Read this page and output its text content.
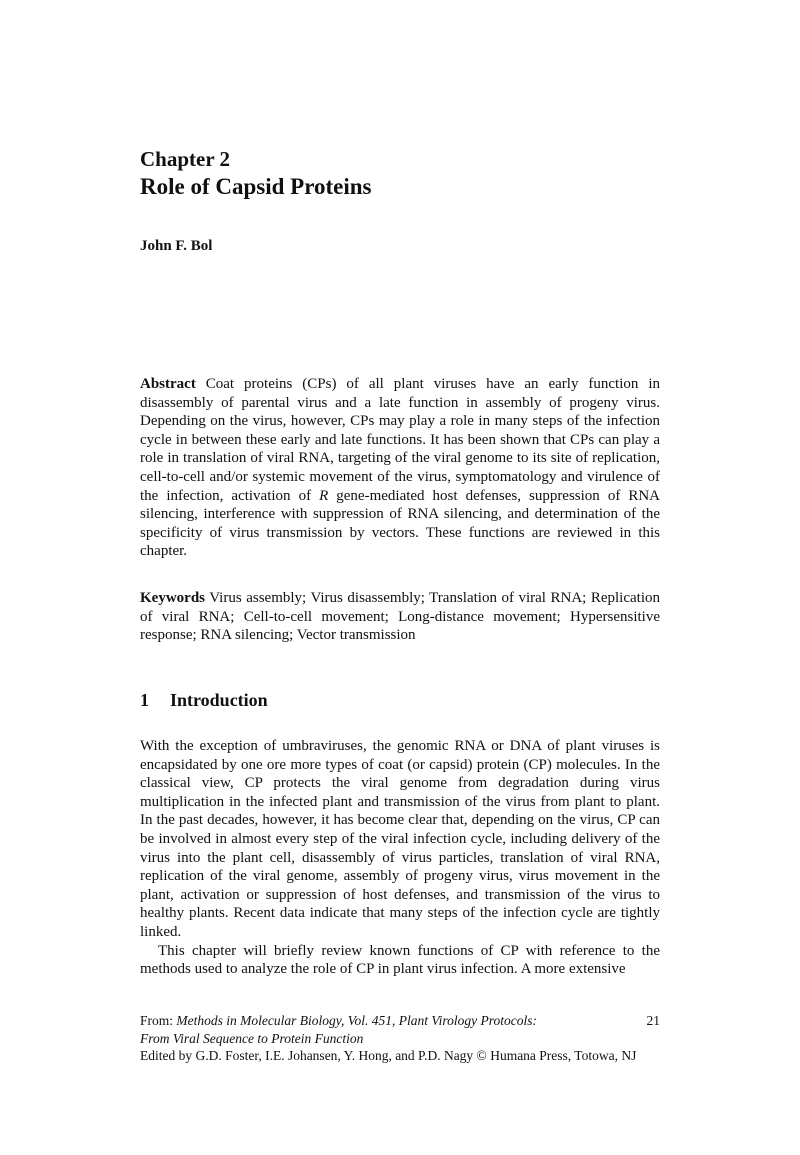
Chapter 2
Role of Capsid Proteins
John F. Bol

Abstract Coat proteins (CPs) of all plant viruses have an early function in disassembly of parental virus and a late function in assembly of progeny virus. Depending on the virus, however, CPs may play a role in many steps of the infection cycle in between these early and late functions. It has been shown that CPs can play a role in translation of viral RNA, targeting of the viral genome to its site of replication, cell-to-cell and/or systemic movement of the virus, symptomatology and virulence of the infection, activation of R gene-mediated host defenses, suppression of RNA silencing, interference with suppression of RNA silencing, and determination of the specificity of virus transmission by vectors. These functions are reviewed in this chapter.

Keywords Virus assembly; Virus disassembly; Translation of viral RNA; Replication of viral RNA; Cell-to-cell movement; Long-distance movement; Hypersensitive response; RNA silencing; Vector transmission

1 Introduction

With the exception of umbraviruses, the genomic RNA or DNA of plant viruses is encapsidated by one ore more types of coat (or capsid) protein (CP) molecules. In the classical view, CP protects the viral genome from degradation during virus multiplication in the infected plant and transmission of the virus from plant to plant. In the past decades, however, it has become clear that, depending on the virus, CP can be involved in almost every step of the viral infection cycle, including delivery of the virus into the plant cell, disassembly of virus particles, translation of viral RNA, replication of the viral genome, assembly of progeny virus, virus movement in the plant, activation or suppression of host defenses, and transmission of the virus to healthy plants. Recent data indicate that many steps of the infection cycle are tightly linked.

This chapter will briefly review known functions of CP with reference to the methods used to analyze the role of CP in plant virus infection. A more extensive

From: Methods in Molecular Biology, Vol. 451, Plant Virology Protocols:
From Viral Sequence to Protein Function
Edited by G.D. Foster, I.E. Johansen, Y. Hong, and P.D. Nagy © Humana Press, Totowa, NJ
21
